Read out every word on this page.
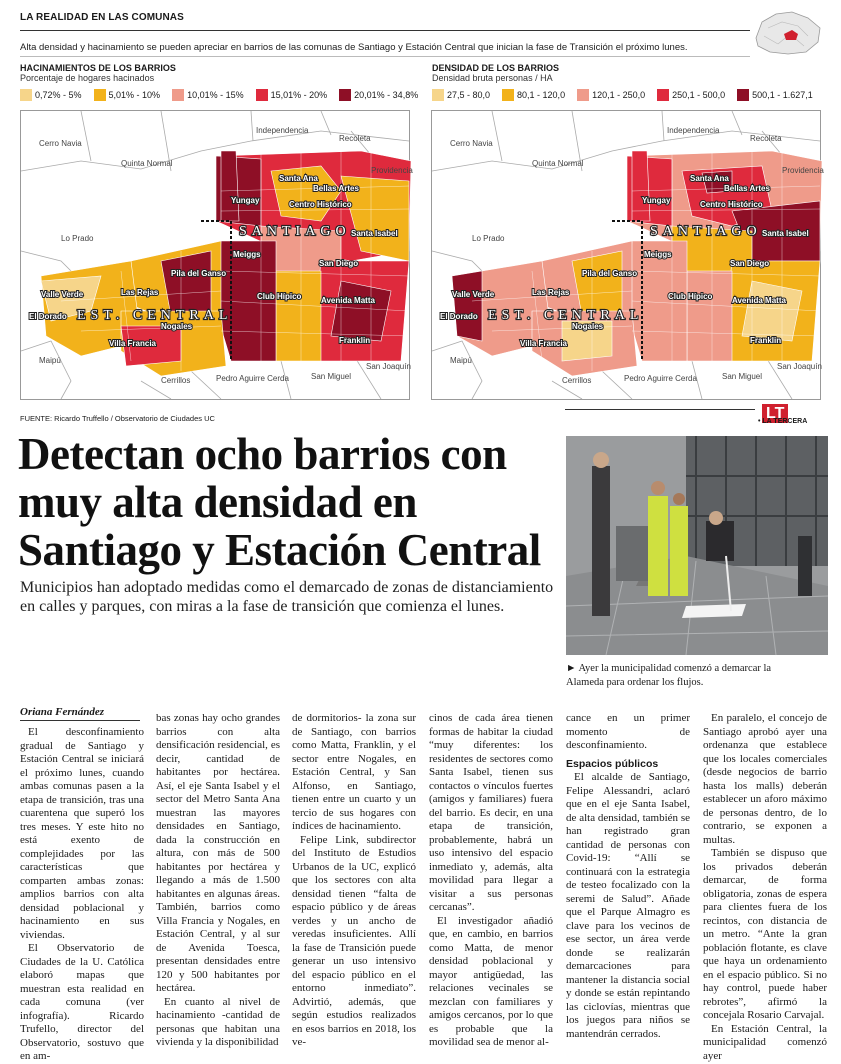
LA REALIDAD EN LAS COMUNAS
Alta densidad y hacinamiento se pueden apreciar en barrios de las comunas de Santiago y Estación Central que inician la fase de Transición el próximo lunes.
HACINAMIENTOS DE LOS BARRIOS
Porcentaje de hogares hacinados
0,72% - 5%	5,01% - 10%	10,01% - 15%	15,01% - 20%	20,01% - 34,8%
DENSIDAD DE LOS BARRIOS
Densidad bruta personas / HA
27,5 - 80,0	80,1 - 120,0	120,1 - 250,0	250,1 - 500,0	500,1 - 1.627,1
Cerro Navia
Quinta Normal
Independencia
Recoleta
Providencia
Lo Prado
Maipú
Cerrillos	Pedro Aguirre Cerda	San Miguel
San Joaquín
SANTIAGO
EST. CENTRAL
Santa Ana
Bellas Artes
Centro Histórico
Yungay
Santa Isabel
Meiggs
San Diego
Pila del Ganso
Las Rejas
Valle Verde
El Dorado
Club Hípico Avenida Matta
Nogales
Villa Francia	Franklin
Cerro Navia
Quinta Normal
Independencia
Recoleta
Providencia
Lo Prado
Maipú
Cerrillos	Pedro Aguirre Cerda	San Miguel
San Joaquín
SANTIAGO
EST. CENTRAL
Santa Ana
Bellas Artes
Centro Histórico
Yungay
Santa Isabel
Meiggs
San Diego
Pila del Ganso
Las Rejas
Valle Verde
El Dorado
Club Hípico Avenida Matta
Nogales
Villa Francia	Franklin
FUENTE: Ricardo Truffello / Observatorio de Ciudades UC	LT
• LA TERCERA
Detectan ocho barrios con muy alta densidad en Santiago y Estación Central
Municipios han adoptado medidas como el demarcado de zonas de distanciamiento en calles y parques, con miras a la fase de transición que comienza el lunes.
► Ayer la municipalidad comenzó a demarcar la Alameda para ordenar los flujos.
Oriana Fernández

El desconfinamiento gradual de Santiago y Estación Central se iniciará el próximo lunes, cuando ambas comunas pasen a la etapa de transición, tras una cuarentena que superó los tres meses. Y este hito no está exento de complejidades por las características que comparten ambas zonas: amplios barrios con alta densidad poblacional y hacinamiento en sus viviendas.

El Observatorio de Ciudades de la U. Católica elaboró mapas que muestran esta realidad en cada comuna (ver infografía). Ricardo Trufello, director del Observatorio, sostuvo que en am-

bas zonas hay ocho grandes barrios con alta densificación residencial, es decir, cantidad de habitantes por hectárea. Así, el eje Santa Isabel y el sector del Metro Santa Ana muestran las mayores densidades en Santiago, dada la construcción en altura, con más de 500 habitantes por hectárea y llegando a más de 1.500 habitantes en algunas áreas. También, barrios como Villa Francia y Nogales, en Estación Central, y al sur de Avenida Toesca, presentan densidades entre 120 y 500 habitantes por hectárea.

En cuanto al nivel de hacinamiento -cantidad de personas que habitan una vivienda y la disponibilidad

de dormitorios- la zona sur de Santiago, con barrios como Matta, Franklin, y el sector entre Nogales, en Estación Central, y San Alfonso, en Santiago, tienen entre un cuarto y un tercio de sus hogares con índices de hacinamiento.

Felipe Link, subdirector del Instituto de Estudios Urbanos de la UC, explicó que los sectores con alta densidad tienen “falta de espacio público y de áreas verdes y un ancho de veredas insuficientes. Allí la fase de Transición puede generar un uso intensivo del espacio público en el entorno inmediato”. Advirtió, además, que según estudios realizados en esos barrios en 2018, los ve-

cinos de cada área tienen formas de habitar la ciudad “muy diferentes: los residentes de sectores como Santa Isabel, tienen sus contactos o vínculos fuertes (amigos y familiares) fuera del barrio. Es decir, en una etapa de transición, probablemente, habrá un uso intensivo del espacio inmediato y, además, alta movilidad para llegar a visitar a sus personas cercanas”.

El investigador añadió que, en cambio, en barrios como Matta, de menor densidad poblacional y mayor antigüedad, las relaciones vecinales se mezclan con familiares y amigos cercanos, por lo que es probable que la movilidad sea de menor al-

cance en un primer momento de desconfinamiento.

Espacios públicos

El alcalde de Santiago, Felipe Alessandri, aclaró que en el eje Santa Isabel, de alta densidad, también se han registrado gran cantidad de personas con Covid-19: “Allí se continuará con la estrategia de testeo focalizado con la seremi de Salud”. Añade que el Parque Almagro es clave para los vecinos de ese sector, un área verde donde se realizarán demarcaciones para mantener la distancia social y donde se están repintando las ciclovías, mientras que los juegos para niños se mantendrán cerrados.

En paralelo, el concejo de Santiago aprobó ayer una ordenanza que establece que los locales comerciales (desde negocios de barrio hasta los malls) deberán establecer un aforo máximo de personas dentro, de lo contrario, se exponen a multas.

También se dispuso que los privados deberán demarcar, de forma obligatoria, zonas de espera para clientes fuera de los recintos, con distancia de un metro. “Ante la gran población flotante, es clave que haya un ordenamiento en el espacio público. Si no hay control, puede haber rebrotes”, afirmó la concejala Rosario Carvajal.

En Estación Central, la municipalidad comenzó ayer
